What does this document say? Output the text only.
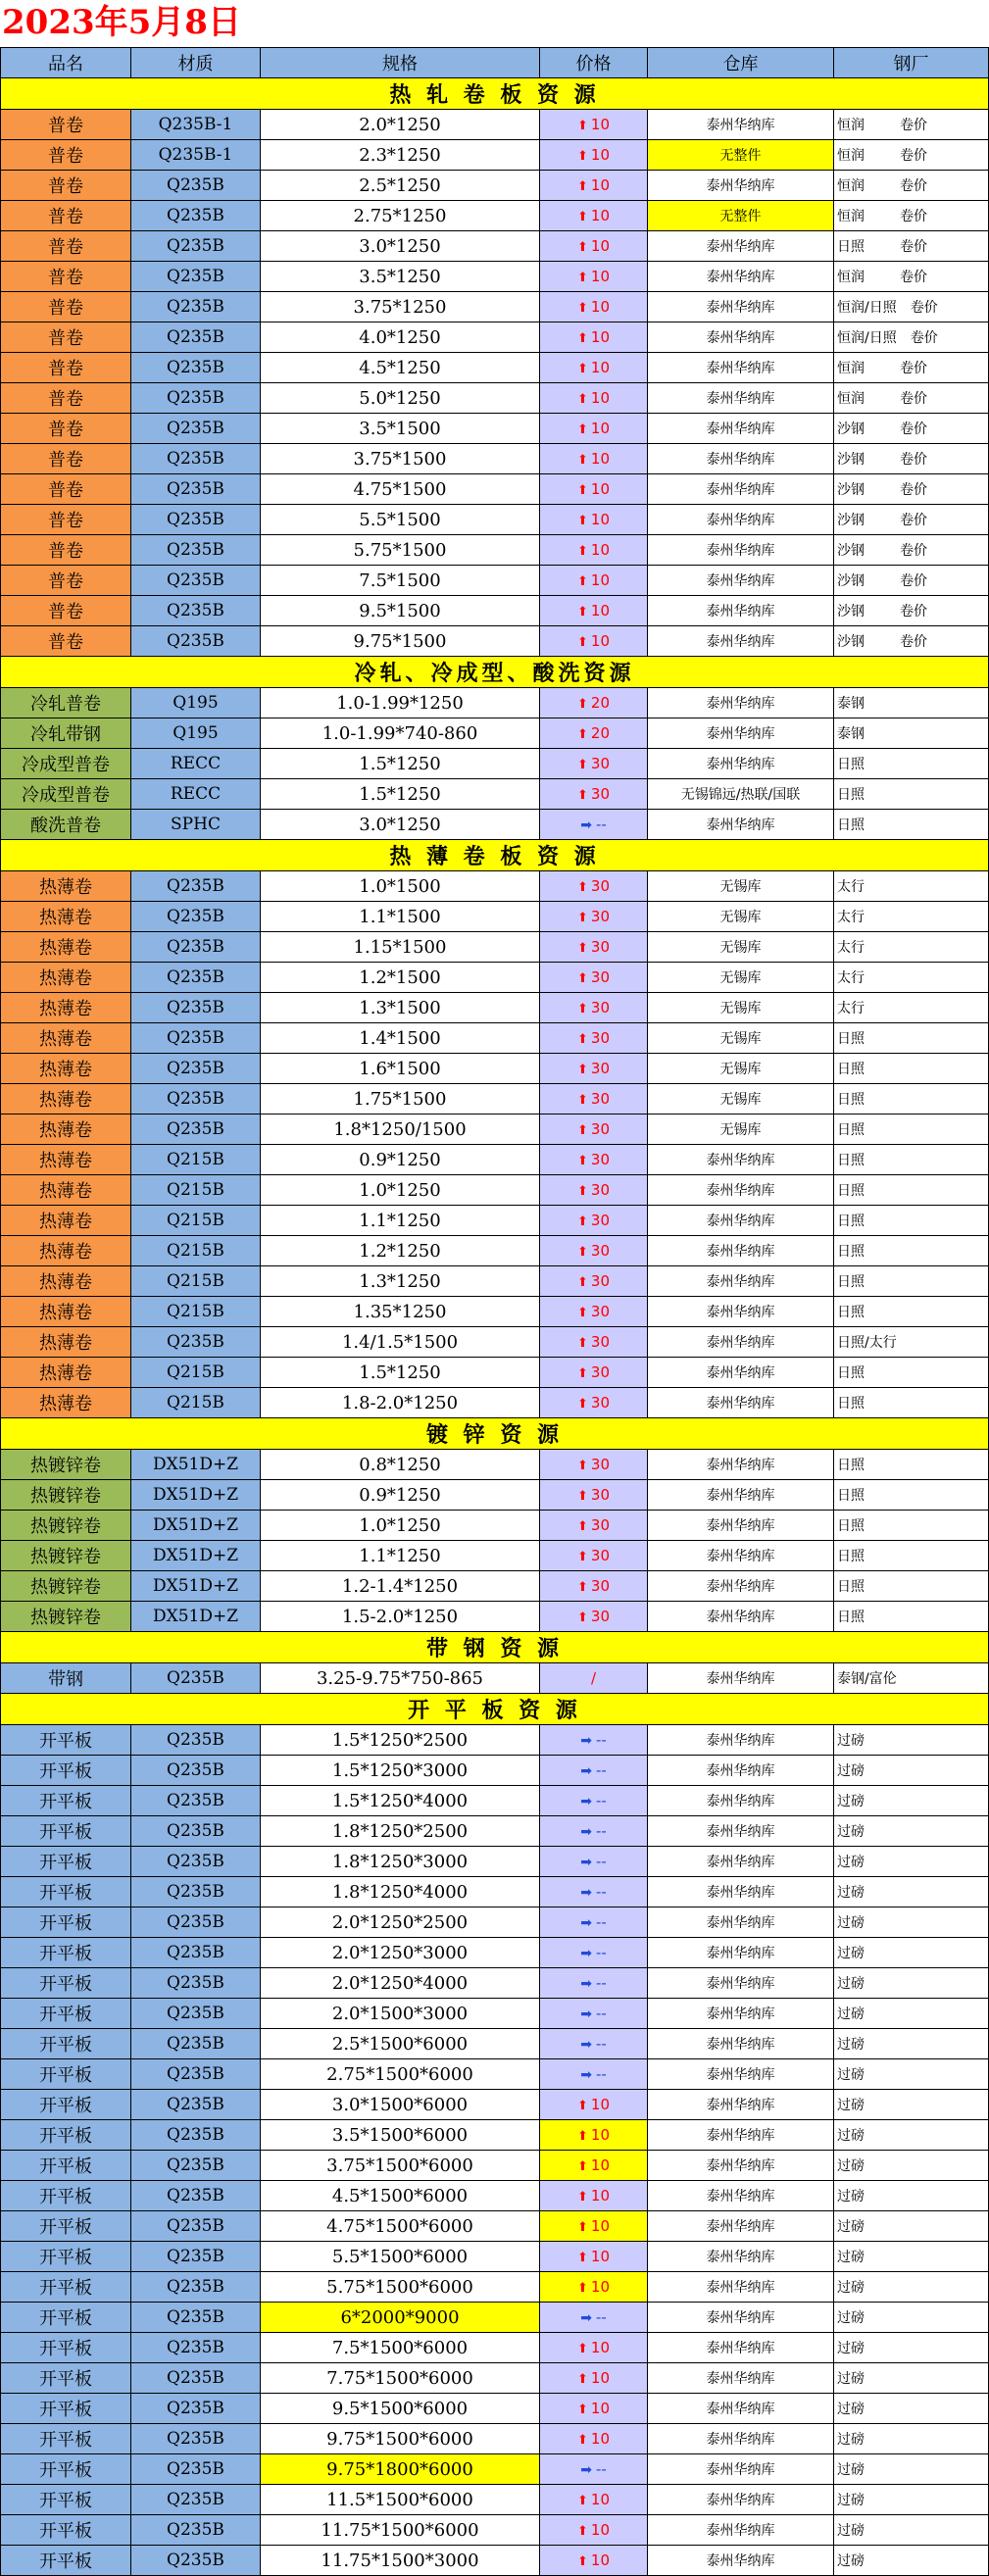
2023年5月8日
品名	材质	规格	价格	仓库	钢厂
热 轧 卷 板 资 源					
普卷	Q235B-1	2.0*1250	⬆ 10	泰州华纳库	恒润 卷价
普卷	Q235B-1	2.3*1250	⬆ 10	无整件	恒润 卷价
普卷	Q235B	2.5*1250	⬆ 10	泰州华纳库	恒润 卷价
普卷	Q235B	2.75*1250	⬆ 10	无整件	恒润 卷价
普卷	Q235B	3.0*1250	⬆ 10	泰州华纳库	日照 卷价
普卷	Q235B	3.5*1250	⬆ 10	泰州华纳库	恒润 卷价
普卷	Q235B	3.75*1250	⬆ 10	泰州华纳库	恒润/日照 卷价
普卷	Q235B	4.0*1250	⬆ 10	泰州华纳库	恒润/日照 卷价
普卷	Q235B	4.5*1250	⬆ 10	泰州华纳库	恒润 卷价
普卷	Q235B	5.0*1250	⬆ 10	泰州华纳库	恒润 卷价
普卷	Q235B	3.5*1500	⬆ 10	泰州华纳库	沙钢 卷价
普卷	Q235B	3.75*1500	⬆ 10	泰州华纳库	沙钢 卷价
普卷	Q235B	4.75*1500	⬆ 10	泰州华纳库	沙钢 卷价
普卷	Q235B	5.5*1500	⬆ 10	泰州华纳库	沙钢 卷价
普卷	Q235B	5.75*1500	⬆ 10	泰州华纳库	沙钢 卷价
普卷	Q235B	7.5*1500	⬆ 10	泰州华纳库	沙钢 卷价
普卷	Q235B	9.5*1500	⬆ 10	泰州华纳库	沙钢 卷价
普卷	Q235B	9.75*1500	⬆ 10	泰州华纳库	沙钢 卷价
冷轧、冷成型、酸洗资源					
冷轧普卷	Q195	1.0-1.99*1250	⬆ 20	泰州华纳库	泰钢
冷轧带钢	Q195	1.0-1.99*740-860	⬆ 20	泰州华纳库	泰钢
冷成型普卷	RECC	1.5*1250	⬆ 30	泰州华纳库	日照
冷成型普卷	RECC	1.5*1250	⬆ 30	无锡锦远/热联/国联	日照
酸洗普卷	SPHC	3.0*1250	➡ --	泰州华纳库	日照
热 薄 卷 板 资 源					
热薄卷	Q235B	1.0*1500	⬆ 30	无锡库	太行
热薄卷	Q235B	1.1*1500	⬆ 30	无锡库	太行
热薄卷	Q235B	1.15*1500	⬆ 30	无锡库	太行
热薄卷	Q235B	1.2*1500	⬆ 30	无锡库	太行
热薄卷	Q235B	1.3*1500	⬆ 30	无锡库	太行
热薄卷	Q235B	1.4*1500	⬆ 30	无锡库	日照
热薄卷	Q235B	1.6*1500	⬆ 30	无锡库	日照
热薄卷	Q235B	1.75*1500	⬆ 30	无锡库	日照
热薄卷	Q235B	1.8*1250/1500	⬆ 30	无锡库	日照
热薄卷	Q215B	0.9*1250	⬆ 30	泰州华纳库	日照
热薄卷	Q215B	1.0*1250	⬆ 30	泰州华纳库	日照
热薄卷	Q215B	1.1*1250	⬆ 30	泰州华纳库	日照
热薄卷	Q215B	1.2*1250	⬆ 30	泰州华纳库	日照
热薄卷	Q215B	1.3*1250	⬆ 30	泰州华纳库	日照
热薄卷	Q215B	1.35*1250	⬆ 30	泰州华纳库	日照
热薄卷	Q235B	1.4/1.5*1500	⬆ 30	泰州华纳库	日照/太行
热薄卷	Q215B	1.5*1250	⬆ 30	泰州华纳库	日照
热薄卷	Q215B	1.8-2.0*1250	⬆ 30	泰州华纳库	日照
镀 锌 资 源					
热镀锌卷	DX51D+Z	0.8*1250	⬆ 30	泰州华纳库	日照
热镀锌卷	DX51D+Z	0.9*1250	⬆ 30	泰州华纳库	日照
热镀锌卷	DX51D+Z	1.0*1250	⬆ 30	泰州华纳库	日照
热镀锌卷	DX51D+Z	1.1*1250	⬆ 30	泰州华纳库	日照
热镀锌卷	DX51D+Z	1.2-1.4*1250	⬆ 30	泰州华纳库	日照
热镀锌卷	DX51D+Z	1.5-2.0*1250	⬆ 30	泰州华纳库	日照
带 钢 资 源					
带钢	Q235B	3.25-9.75*750-865	/	泰州华纳库	泰钢/富伦
开 平 板 资 源					
开平板	Q235B	1.5*1250*2500	➡ --	泰州华纳库	过磅
开平板	Q235B	1.5*1250*3000	➡ --	泰州华纳库	过磅
开平板	Q235B	1.5*1250*4000	➡ --	泰州华纳库	过磅
开平板	Q235B	1.8*1250*2500	➡ --	泰州华纳库	过磅
开平板	Q235B	1.8*1250*3000	➡ --	泰州华纳库	过磅
开平板	Q235B	1.8*1250*4000	➡ --	泰州华纳库	过磅
开平板	Q235B	2.0*1250*2500	➡ --	泰州华纳库	过磅
开平板	Q235B	2.0*1250*3000	➡ --	泰州华纳库	过磅
开平板	Q235B	2.0*1250*4000	➡ --	泰州华纳库	过磅
开平板	Q235B	2.0*1500*3000	➡ --	泰州华纳库	过磅
开平板	Q235B	2.5*1500*6000	➡ --	泰州华纳库	过磅
开平板	Q235B	2.75*1500*6000	➡ --	泰州华纳库	过磅
开平板	Q235B	3.0*1500*6000	⬆ 10	泰州华纳库	过磅
开平板	Q235B	3.5*1500*6000	⬆ 10	泰州华纳库	过磅
开平板	Q235B	3.75*1500*6000	⬆ 10	泰州华纳库	过磅
开平板	Q235B	4.5*1500*6000	⬆ 10	泰州华纳库	过磅
开平板	Q235B	4.75*1500*6000	⬆ 10	泰州华纳库	过磅
开平板	Q235B	5.5*1500*6000	⬆ 10	泰州华纳库	过磅
开平板	Q235B	5.75*1500*6000	⬆ 10	泰州华纳库	过磅
开平板	Q235B	6*2000*9000	➡ --	泰州华纳库	过磅
开平板	Q235B	7.5*1500*6000	⬆ 10	泰州华纳库	过磅
开平板	Q235B	7.75*1500*6000	⬆ 10	泰州华纳库	过磅
开平板	Q235B	9.5*1500*6000	⬆ 10	泰州华纳库	过磅
开平板	Q235B	9.75*1500*6000	⬆ 10	泰州华纳库	过磅
开平板	Q235B	9.75*1800*6000	➡ --	泰州华纳库	过磅
开平板	Q235B	11.5*1500*6000	⬆ 10	泰州华纳库	过磅
开平板	Q235B	11.75*1500*6000	⬆ 10	泰州华纳库	过磅
开平板	Q235B	11.75*1500*3000	⬆ 10	泰州华纳库	过磅
